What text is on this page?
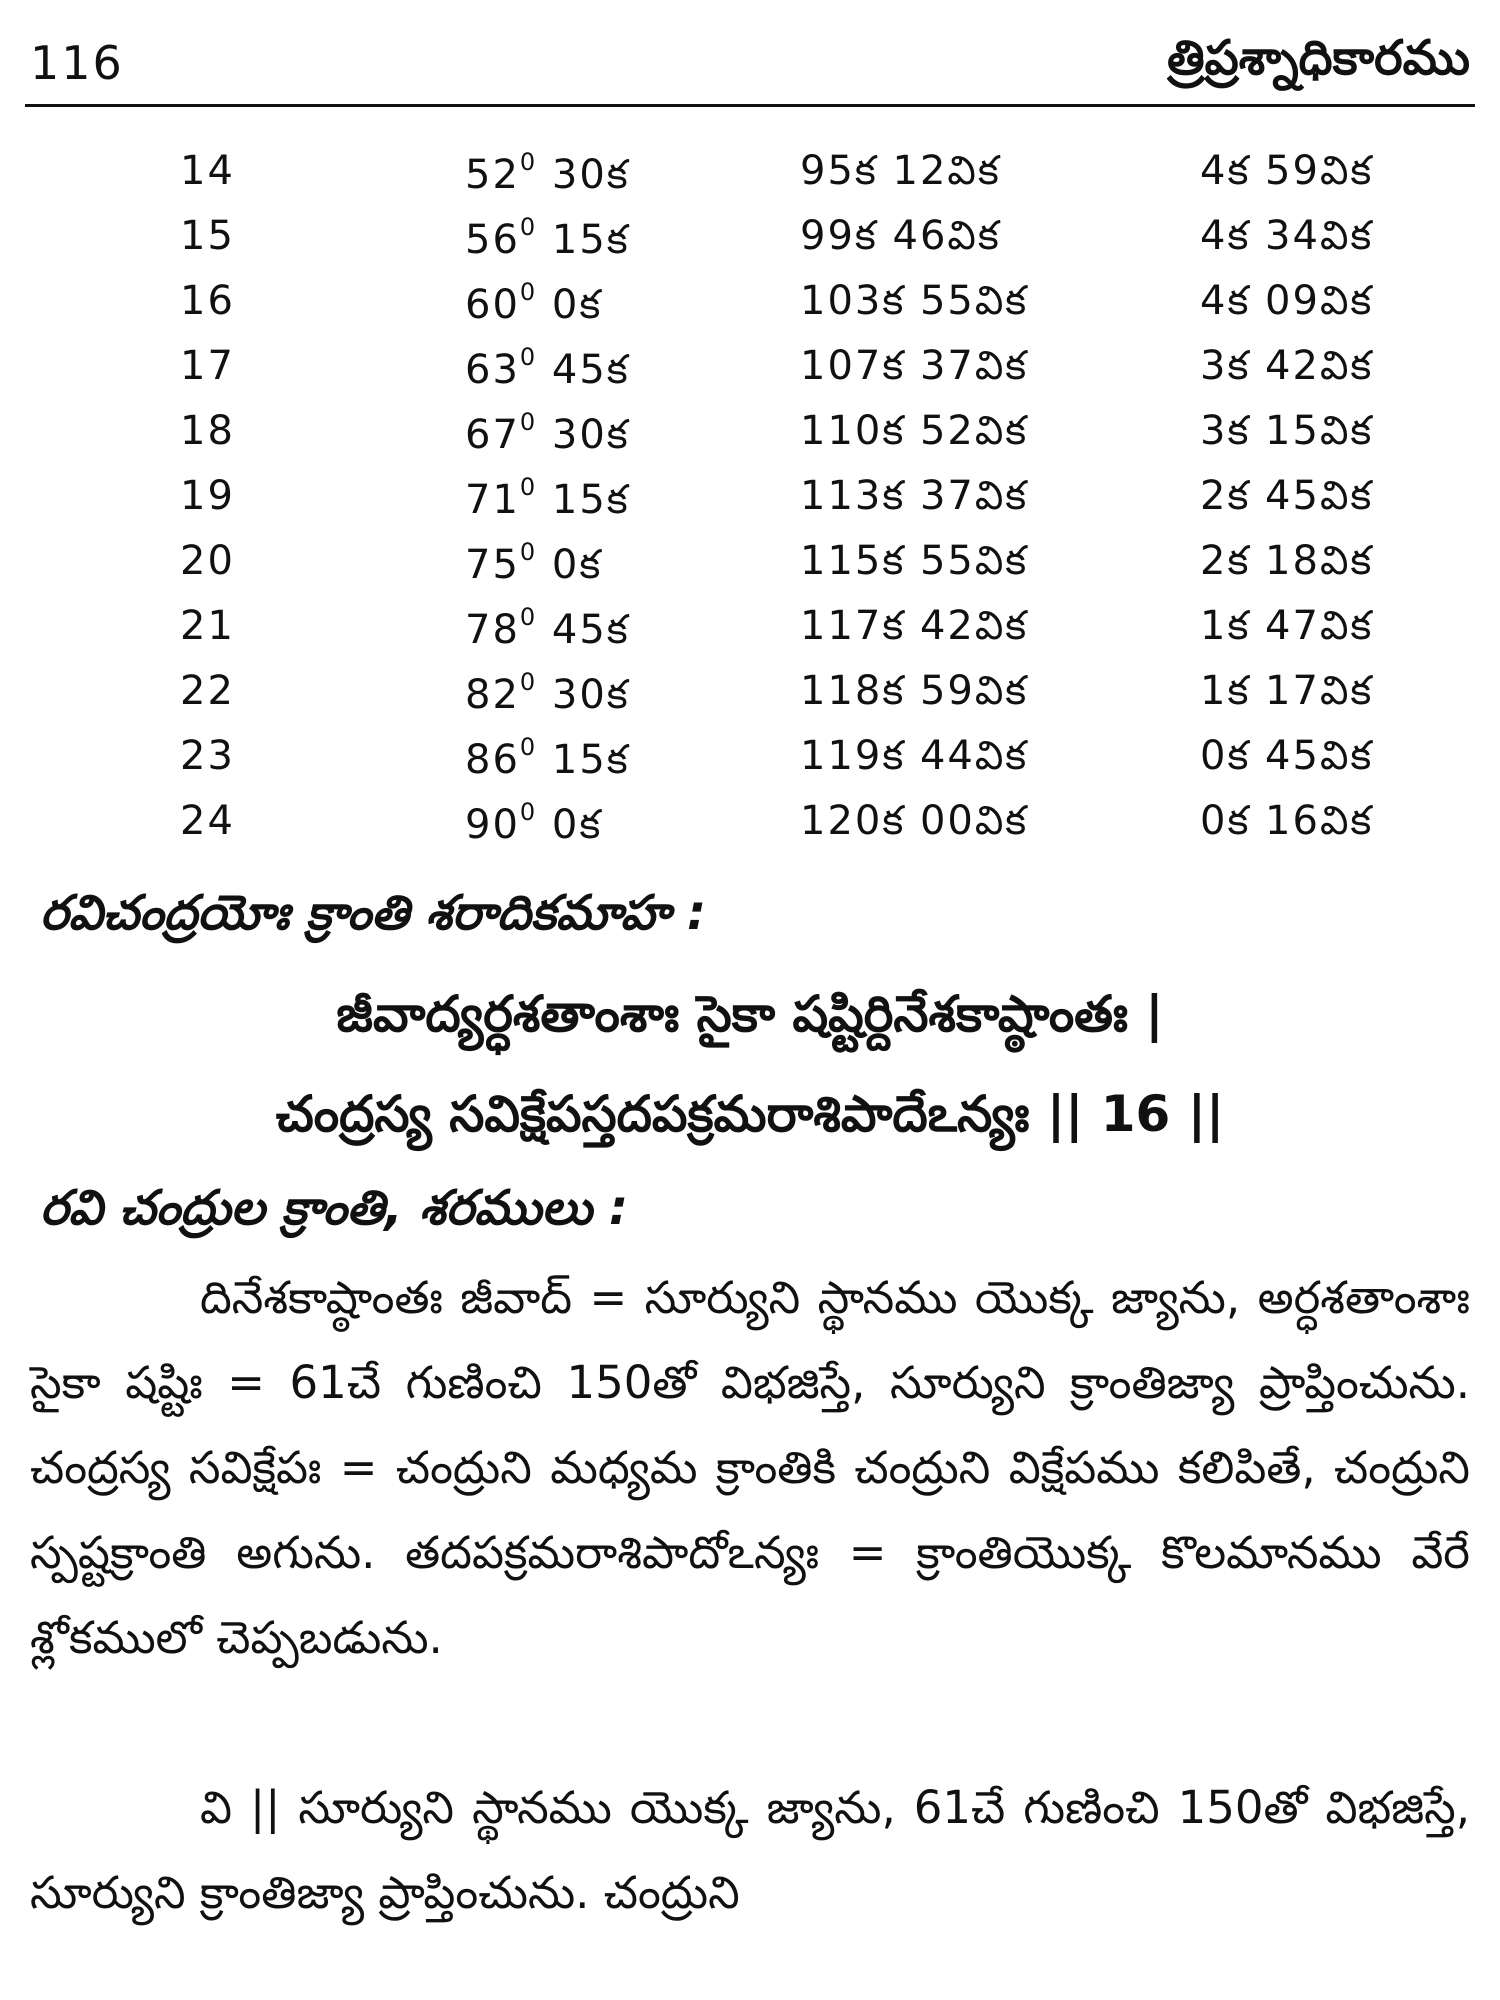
116	త్రిప్రశ్నాధికారము
14	$52^0$ 30క	95క 12విక	4క 59విక
15	$56^0$ 15క	99క 46విక	4క 34విక
16	$60^0$ 0క	103క 55విక	4క 09విక
17	$63^0$ 45క	107క 37విక	3క 42విక
18	$67^0$ 30క	110క 52విక	3క 15విక
19	$71^0$ 15క	113క 37విక	2క 45విక
20	$75^0$ 0క	115క 55విక	2క 18విక
21	$78^0$ 45క	117క 42విక	1క 47విక
22	$82^0$ 30క	118క 59విక	1క 17విక
23	$86^0$ 15క	119క 44విక	0క 45విక
24	$90^0$ 0క	120క 00విక	0క 16విక
రవిచంద్రయోః క్రాంతి శరాదికమాహ :
జీవాద్యర్ధశతాంశాః సైకా షష్టిర్దినేశకాష్ఠాంతః |
చంద్రస్య సవిక్షేపస్తదపక్రమరాశిపాదేఽన్యః || 16 ||
రవి చంద్రుల క్రాంతి, శరములు :

దినేశకాష్ఠాంతః జీవాద్ = సూర్యుని స్థానము యొక్క జ్యాను, అర్ధశతాంశాః సైకా షష్టిః = 61చే గుణించి 150తో విభజిస్తే, సూర్యుని క్రాంతిజ్యా ప్రాప్తించును. చంద్రస్య సవిక్షేపః = చంద్రుని మధ్యమ క్రాంతికి చంద్రుని విక్షేపము కలిపితే, చంద్రుని స్పష్టక్రాంతి అగును. తదపక్రమరాశిపాదోఽన్యః = క్రాంతియొక్క కొలమానము వేరే శ్లోకములో చెప్పబడును.

వి || సూర్యుని స్థానము యొక్క జ్యాను, 61చే గుణించి 150తో విభజిస్తే, సూర్యుని క్రాంతిజ్యా ప్రాప్తించును. చంద్రుని
